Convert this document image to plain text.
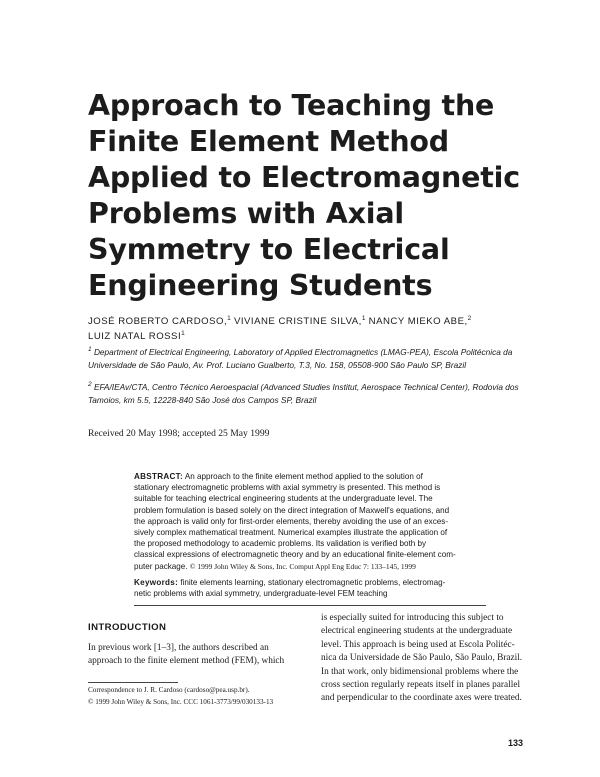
Approach to Teaching the
Finite Element Method
Applied to Electromagnetic
Problems with Axial
Symmetry to Electrical
Engineering Students
JOSÉ ROBERTO CARDOSO,$^1$ VIVIANE CRISTINE SILVA,$^1$ NANCY MIEKO ABE,$^2$
LUIZ NATAL ROSSI$^1$
$^1$ Department of Electrical Engineering, Laboratory of Applied Electromagnetics (LMAG-PEA), Escola Politécnica da
Universidade de São Paulo, Av. Prof. Luciano Gualberto, T.3, No. 158, 05508-900 São Paulo SP, Brazil
$^2$ EFA/IEAv/CTA, Centro Técnico Aeroespacial (Advanced Studies Institut, Aerospace Technical Center), Rodovia dos
Tamoios, km 5.5, 12228-840 São José dos Campos SP, Brazil
Received 20 May 1998; accepted 25 May 1999
ABSTRACT: An approach to the finite element method applied to the solution of
stationary electromagnetic problems with axial symmetry is presented. This method is
suitable for teaching electrical engineering students at the undergraduate level. The
problem formulation is based solely on the direct integration of Maxwell's equations, and
the approach is valid only for first-order elements, thereby avoiding the use of an exces-
sively complex mathematical treatment. Numerical examples illustrate the application of
the proposed methodology to academic problems. Its validation is verified both by
classical expressions of electromagnetic theory and by an educational finite-element com-
puter package. © 1999 John Wiley & Sons, Inc. Comput Appl Eng Educ 7: 133–145, 1999
Keywords: finite elements learning, stationary electromagnetic problems, electromag-
netic problems with axial symmetry, undergraduate-level FEM teaching
INTRODUCTION
In previous work [1–3], the authors described an
approach to the finite element method (FEM), which
is especially suited for introducing this subject to
electrical engineering students at the undergraduate
level. This approach is being used at Escola Politéc-
nica da Universidade de São Paulo, São Paulo, Brazil.
In that work, only bidimensional problems where the
cross section regularly repeats itself in planes parallel
and perpendicular to the coordinate axes were treated.
Correspondence to J. R. Cardoso (cardoso@pea.usp.br).
© 1999 John Wiley & Sons, Inc. CCC 1061-3773/99/030133-13
133
